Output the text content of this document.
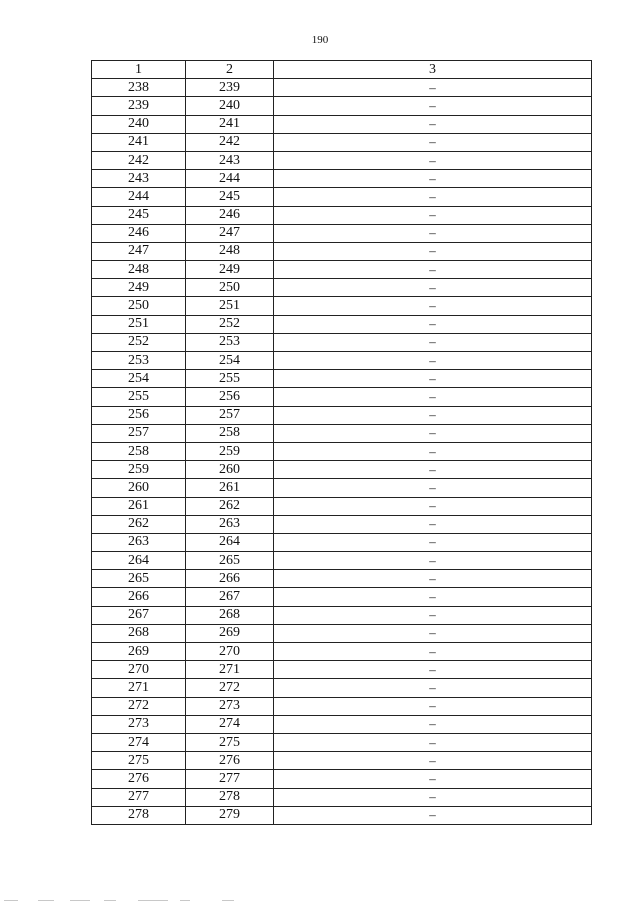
190
1	2	3
238	239	–
239	240	–
240	241	–
241	242	–
242	243	–
243	244	–
244	245	–
245	246	–
246	247	–
247	248	–
248	249	–
249	250	–
250	251	–
251	252	–
252	253	–
253	254	–
254	255	–
255	256	–
256	257	–
257	258	–
258	259	–
259	260	–
260	261	–
261	262	–
262	263	–
263	264	–
264	265	–
265	266	–
266	267	–
267	268	–
268	269	–
269	270	–
270	271	–
271	272	–
272	273	–
273	274	–
274	275	–
275	276	–
276	277	–
277	278	–
278	279	–
